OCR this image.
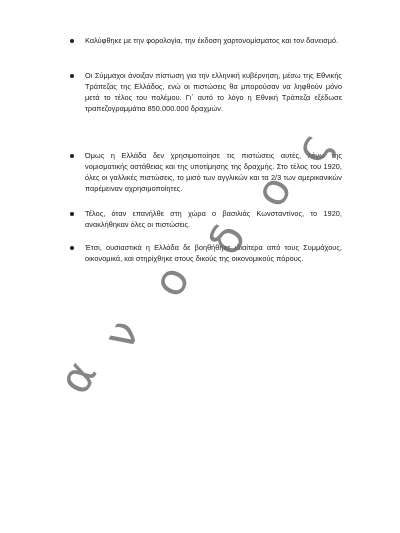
Καλύφθηκε με την φορολογία, την έκδοση χαρτονομίσματος και τον δανεισμό.
Οι Σύμμαχοι άνοιξαν πίστωση για την ελληνική κυβέρνηση, μέσω της Εθνικής Τράπεζας της Ελλάδος, ενώ οι πιστώσεις θα μπορούσαν να ληφθούν μόνο μετά το τέλος του πολέμου. Γι΄ αυτό το λόγο η Εθνική Τράπεζα εξέδωσε τραπεζογραμμάτια 850.000.000 δραχμών.
Όμως η Ελλάδα δεν χρησιμοποίησε τις πιστώσεις αυτές, λόγω της νομισματικής αστάθειας και της υποτίμησης της δραχμής. Στο τέλος του 1920, όλες οι γαλλικές πιστώσεις, το μισό των αγγλικών και τα 2/3 των αμερικανικών παρέμειναν αχρησιμοποίητες.
Τέλος, όταν επανήλθε στη χώρα ο βασιλιάς Κωνσταντίνος, το 1920, ανακλήθηκαν όλες οι πιστώσεις.
Έτσι, ουσιαστικά η Ελλάδα δε βοηθήθηκε ιδιαίτερα από τους Συμμάχους, οικονομικά, και στηρίχθηκε στους δικούς της οικονομικούς πόρους.
α
ν
ο
δ
ο
ς
